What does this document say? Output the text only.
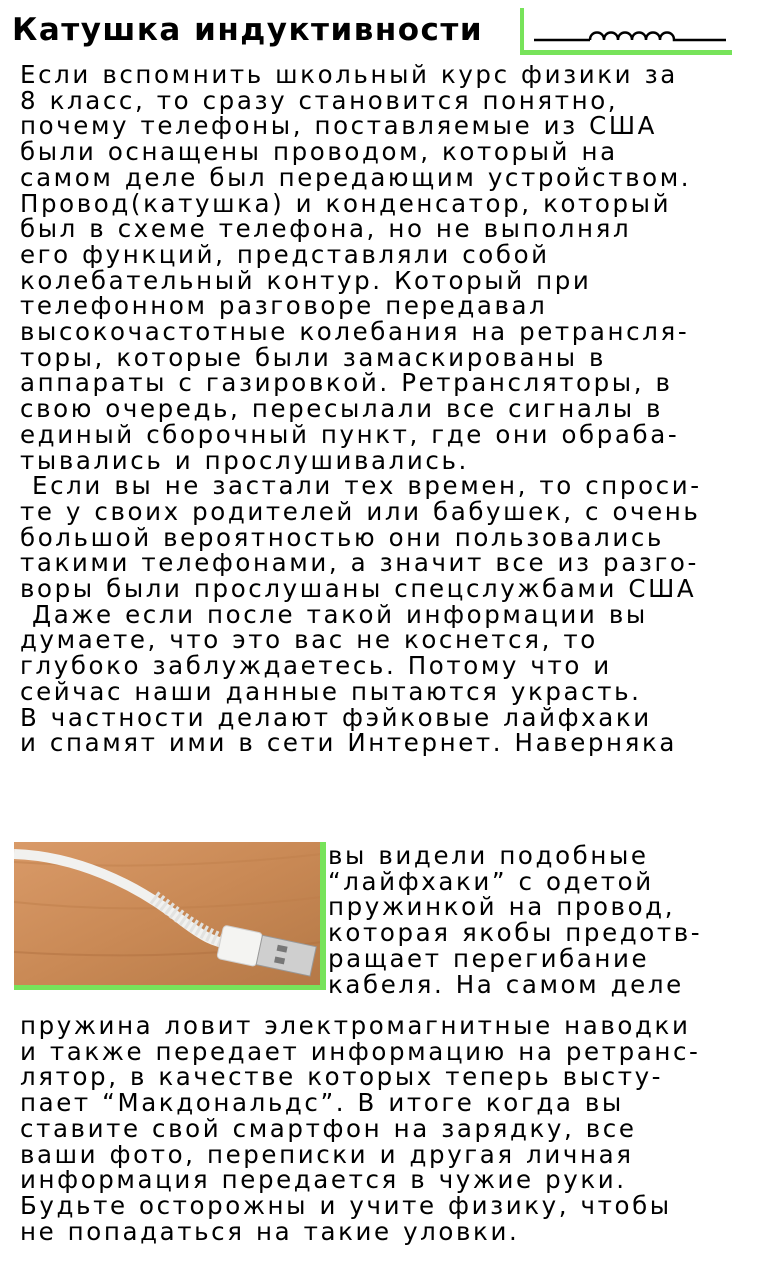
Катушка индуктивности
Если вспомнить школьный курс физики за
8 класс, то сразу становится понятно,
почему телефоны, поставляемые из США
были оснащены проводом, который на
самом деле был передающим устройством.
Провод(катушка) и конденсатор, который
был в схеме телефона, но не выполнял
его функций, представляли собой
колебательный контур. Который при
телефонном разговоре передавал
высокочастотные колебания на ретрансля-
торы, которые были замаскированы в
аппараты с газировкой. Ретрансляторы, в
свою очередь, пересылали все сигналы в
единый сборочный пункт, где они обраба-
тывались и прослушивались.
Если вы не застали тех времен, то спроси-
те у своих родителей или бабушек, с очень
большой вероятностью они пользовались
такими телефонами, а значит все из разго-
воры были прослушаны спецслужбами США
Даже если после такой информации вы
думаете, что это вас не коснется, то
глубоко заблуждаетесь. Потому что и
сейчас наши данные пытаются украсть.
В частности делают фэйковые лайфхаки
и спамят ими в сети Интернет. Наверняка
вы видели подобные
“лайфхаки” с одетой
пружинкой на провод,
которая якобы предотв-
ращает перегибание
кабеля. На самом деле
пружина ловит электромагнитные наводки
и также передает информацию на ретранс-
лятор, в качестве которых теперь высту-
пает “Макдональдс”. В итоге когда вы
ставите свой смартфон на зарядку, все
ваши фото, переписки и другая личная
информация передается в чужие руки.
Будьте осторожны и учите физику, чтобы
не попадаться на такие уловки.
